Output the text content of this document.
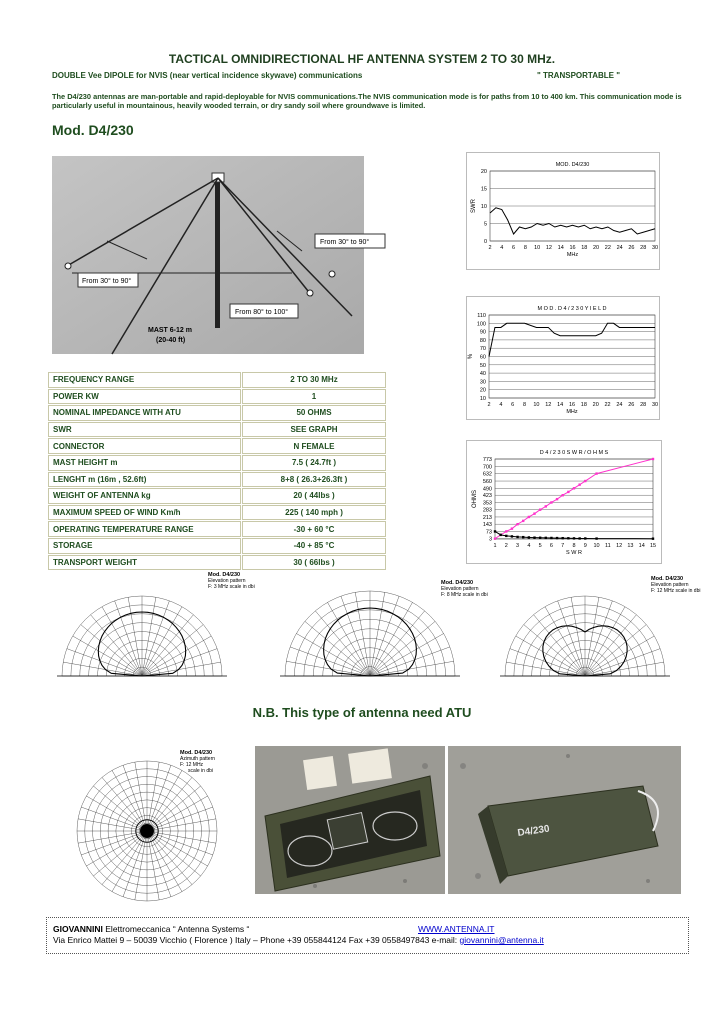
TACTICAL OMNIDIRECTIONAL HF ANTENNA SYSTEM 2 TO 30 MHz.
DOUBLE Vee DIPOLE for NVIS (near vertical incidence skywave) communications	" TRANSPORTABLE "
The D4/230 antennas are man-portable and rapid-deployable for NVIS communications.The NVIS communication mode is for paths from 10 to 400 km. This communication mode is particularly useful in mountainous, heavily wooded terrain, or dry sandy soil where groundwave is limited.
Mod. D4/230
From 30° to 90°
From 30° to 90°
From 80° to 100°
MAST 6-12 m
(20-40 ft)
FREQUENCY RANGE	2 TO 30 MHz
POWER KW	1
NOMINAL IMPEDANCE WITH ATU	50 OHMS
SWR	SEE GRAPH
CONNECTOR	N FEMALE
MAST HEIGHT m	7.5 ( 24.7ft )
LENGHT m (16m , 52.6ft)	8+8 ( 26.3+26.3ft )
WEIGHT OF ANTENNA kg	20 ( 44lbs )
MAXIMUM SPEED OF WIND Km/h	225 ( 140 mph )
OPERATING TEMPERATURE RANGE	-30 + 60 °C
STORAGE	-40 + 85 °C
TRANSPORT WEIGHT	30 ( 66lbs )
MOD. D4/230
0
5
10
15
20
2 4 6 8 10 12 14 16 18 20 22 24 26 28 30
MHz
SWR
M O D . D 4 / 2 3 0 Y I E L D
10
20
30
40
50
60
70
80
90
100
110
2 4 6 8 10 12 14 16 18 20 22 24 26 28 30
MHz
%
D 4 / 2 3 0 S W R / O H M S
3
73
143
213
283
353
423
490
560
632
700
773
1 2 3 4 5 6 7 8 9 10 11 12 13 14 15
S W R
OHMS
Mod. D4/230
Elevation pattern
F: 3 MHz scale in dbi
Mod. D4/230
Elevation pattern
F: 8 MHz scale in dbi
Mod. D4/230
Elevation pattern
F: 12 MHz scale in dbi
N.B. This type of antenna need ATU
Mod. D4/230
Azimuth pattern
F: 12 MHz
scale in dbi
D4/230
GIOVANNINI Elettromeccanica “ Antenna Systems “	WWW.ANTENNA.IT
Via Enrico Mattei 9 – 50039 Vicchio ( Florence ) Italy – Phone +39 055844124 Fax +39 0558497843 e-mail: giovannini@antenna.it
